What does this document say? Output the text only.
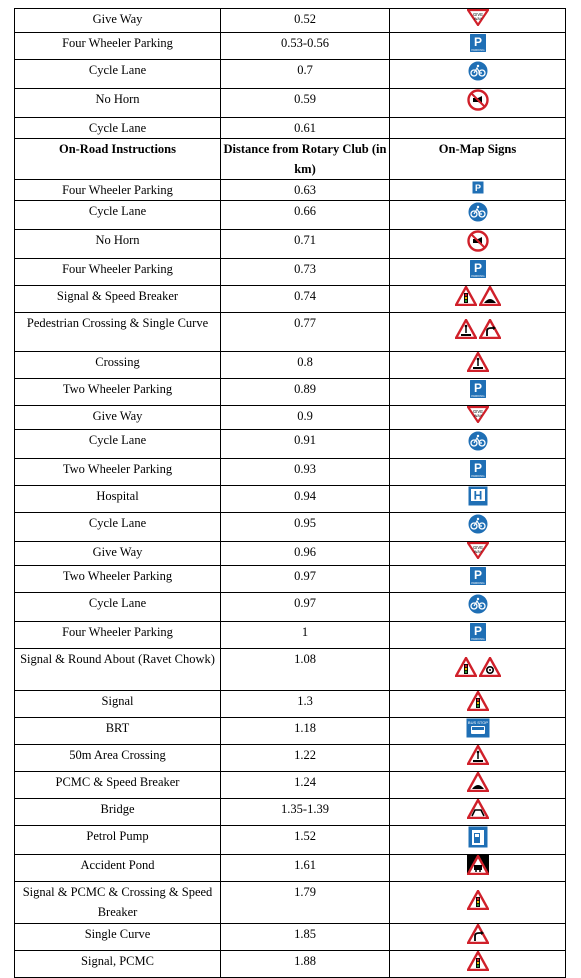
Give Way	0.52	GIVE
WAY

Four Wheeler Parking	0.53-0.56	P
PARKING

Cycle Lane	0.7

No Horn	0.59

Cycle Lane	0.61	

On-Road Instructions	Distance from Rotary Club (in km)	On-Map Signs

Four Wheeler Parking	0.63	P

Cycle Lane	0.66

No Horn	0.71

Four Wheeler Parking	0.73	P
PARKING

Signal & Speed Breaker	0.74

Pedestrian Crossing & Single Curve	0.77

Crossing	0.8

Two Wheeler Parking	0.89	P
PARKING

Give Way	0.9	GIVE
WAY

Cycle Lane	0.91

Two Wheeler Parking	0.93	P
PARKING

Hospital	0.94	H

Cycle Lane	0.95

Give Way	0.96	GIVE
WAY

Two Wheeler Parking	0.97	P
PARKING

Cycle Lane	0.97

Four Wheeler Parking	1	P
PARKING

Signal & Round About (Ravet Chowk)	1.08

Signal	1.3

BRT	1.18	BUS STOP

50m Area Crossing	1.22

PCMC & Speed Breaker	1.24

Bridge	1.35-1.39

Petrol Pump	1.52

Accident Pond	1.61

Signal & PCMC & Crossing & Speed Breaker	1.79

Single Curve	1.85

Signal, PCMC	1.88
